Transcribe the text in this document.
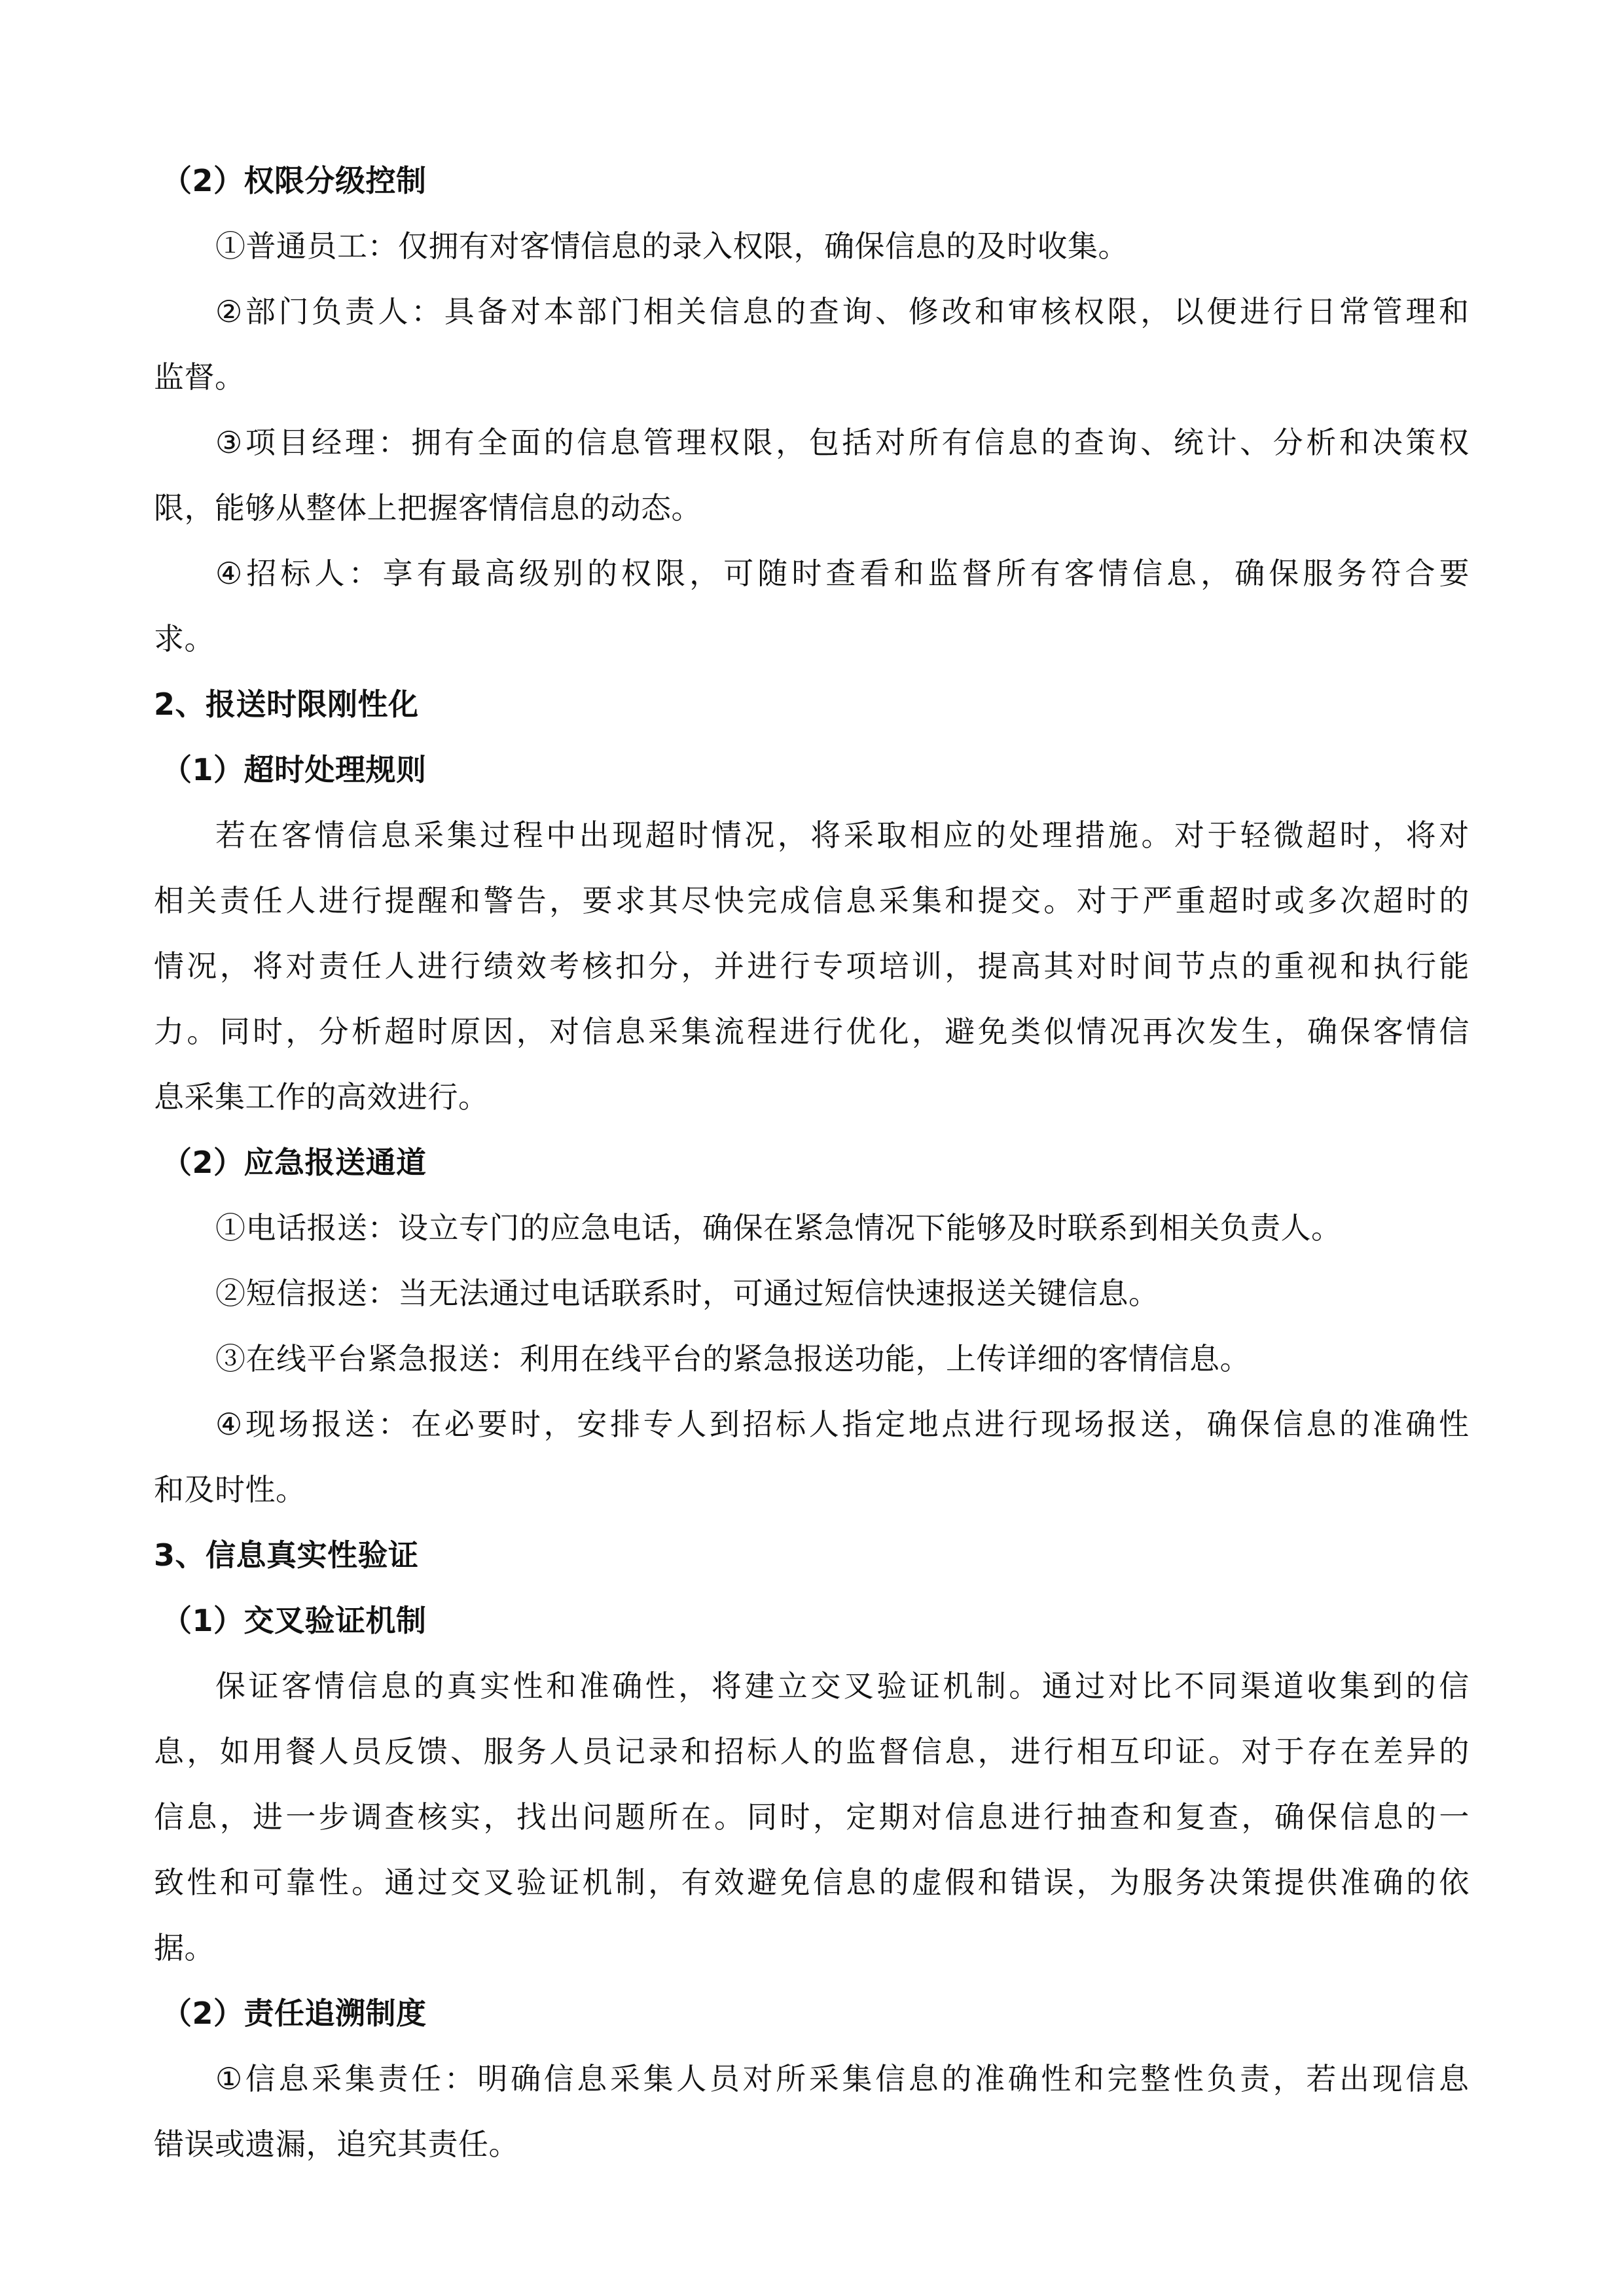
（2）权限分级控制
①普通员工：仅拥有对客情信息的录入权限，确保信息的及时收集。
② 部 门 负 责 人 ： 具 备 对 本 部 门 相 关 信 息 的 查 询 、 修 改 和 审 核 权 限 ， 以 便 进 行 日 常 管 理 和
监督。
③ 项 目 经 理 ： 拥 有 全 面 的 信 息 管 理 权 限 ， 包 括 对 所 有 信 息 的 查 询 、 统 计 、 分 析 和 决 策 权
限，能够从整体上把握客情信息的动态。
④ 招 标 人 ： 享 有 最 高 级 别 的 权 限 ， 可 随 时 查 看 和 监 督 所 有 客 情 信 息 ， 确 保 服 务 符 合 要
求。
2、报送时限刚性化
（1）超时处理规则
若 在 客 情 信 息 采 集 过 程 中 出 现 超 时 情 况 ， 将 采 取 相 应 的 处 理 措 施 。 对 于 轻 微 超 时 ， 将 对
相 关 责 任 人 进 行 提 醒 和 警 告 ， 要 求 其 尽 快 完 成 信 息 采 集 和 提 交 。 对 于 严 重 超 时 或 多 次 超 时 的
情 况 ， 将 对 责 任 人 进 行 绩 效 考 核 扣 分 ， 并 进 行 专 项 培 训 ， 提 高 其 对 时 间 节 点 的 重 视 和 执 行 能
力 。 同 时 ， 分 析 超 时 原 因 ， 对 信 息 采 集 流 程 进 行 优 化 ， 避 免 类 似 情 况 再 次 发 生 ， 确 保 客 情 信
息采集工作的高效进行。
（2）应急报送通道
①电话报送：设立专门的应急电话，确保在紧急情况下能够及时联系到相关负责人。
②短信报送：当无法通过电话联系时，可通过短信快速报送关键信息。
③在线平台紧急报送：利用在线平台的紧急报送功能，上传详细的客情信息。
④ 现 场 报 送 ： 在 必 要 时 ， 安 排 专 人 到 招 标 人 指 定 地 点 进 行 现 场 报 送 ， 确 保 信 息 的 准 确 性
和及时性。
3、信息真实性验证
（1）交叉验证机制
保 证 客 情 信 息 的 真 实 性 和 准 确 性 ， 将 建 立 交 叉 验 证 机 制 。 通 过 对 比 不 同 渠 道 收 集 到 的 信
息 ， 如 用 餐 人 员 反 馈 、 服 务 人 员 记 录 和 招 标 人 的 监 督 信 息 ， 进 行 相 互 印 证 。 对 于 存 在 差 异 的
信 息 ， 进 一 步 调 查 核 实 ， 找 出 问 题 所 在 。 同 时 ， 定 期 对 信 息 进 行 抽 查 和 复 查 ， 确 保 信 息 的 一
致 性 和 可 靠 性 。 通 过 交 叉 验 证 机 制 ， 有 效 避 免 信 息 的 虚 假 和 错 误 ， 为 服 务 决 策 提 供 准 确 的 依
据。
（2）责任追溯制度
① 信 息 采 集 责 任 ： 明 确 信 息 采 集 人 员 对 所 采 集 信 息 的 准 确 性 和 完 整 性 负 责 ， 若 出 现 信 息
错误或遗漏，追究其责任。
